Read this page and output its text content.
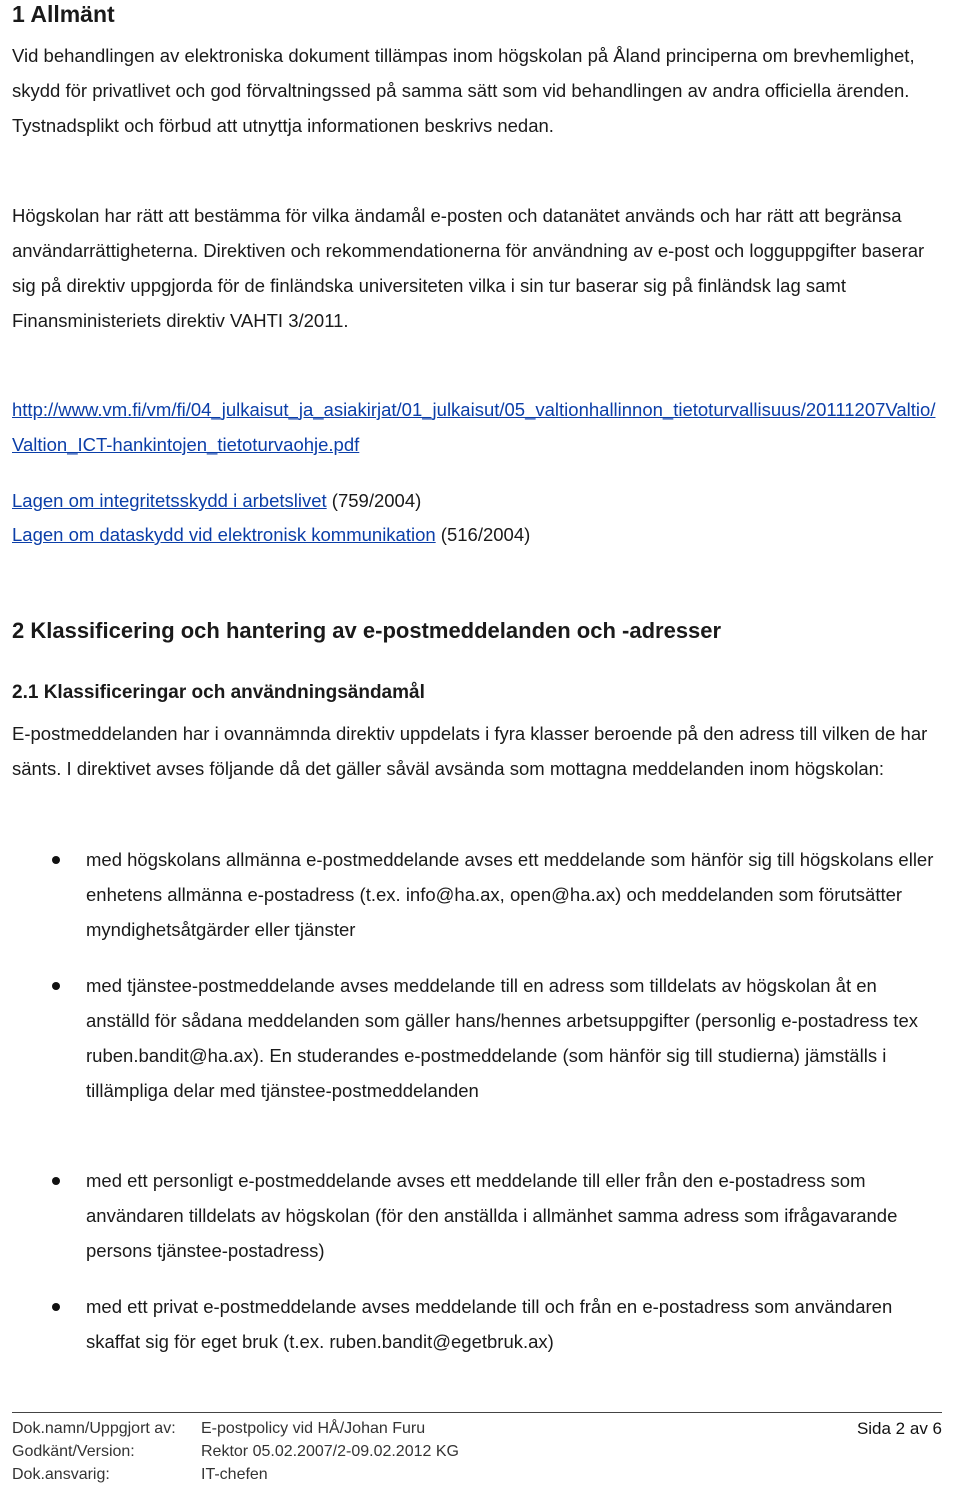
1 Allmänt

Vid behandlingen av elektroniska dokument tillämpas inom högskolan på Åland principerna om brevhemlighet, skydd för privatlivet och god förvaltningssed på samma sätt som vid behandlingen av andra officiella ärenden. Tystnadsplikt och förbud att utnyttja informationen beskrivs nedan.

Högskolan har rätt att bestämma för vilka ändamål e-posten och datanätet används och har rätt att begränsa användarrättigheterna. Direktiven och rekommendationerna för användning av e-post och logguppgifter baserar sig på direktiv uppgjorda för de finländska universiteten vilka i sin tur baserar sig på finländsk lag samt Finansministeriets direktiv VAHTI 3/2011.

http://www.vm.fi/vm/fi/04_julkaisut_ja_asiakirjat/01_julkaisut/05_valtionhallinnon_tietoturvallisuus/20111207Valtio/Valtion_ICT-hankintojen_tietoturvaohje.pdf

Lagen om integritetsskydd i arbetslivet (759/2004)

Lagen om dataskydd vid elektronisk kommunikation (516/2004)

2 Klassificering och hantering av e-postmeddelanden och -adresser
2.1 Klassificeringar och användningsändamål

E-postmeddelanden har i ovannämnda direktiv uppdelats i fyra klasser beroende på den adress till vilken de har sänts. I direktivet avses följande då det gäller såväl avsända som mottagna meddelanden inom högskolan:

med högskolans allmänna e-postmeddelande avses ett meddelande som hänför sig till högskolans eller enhetens allmänna e-postadress (t.ex. info@ha.ax, open@ha.ax) och meddelanden som förutsätter myndighetsåtgärder eller tjänster
med tjänstee-postmeddelande avses meddelande till en adress som tilldelats av högskolan åt en anställd för sådana meddelanden som gäller hans/hennes arbetsuppgifter (personlig e-postadress tex ruben.bandit@ha.ax). En studerandes e-postmeddelande (som hänför sig till studierna) jämställs i tillämpliga delar med tjänstee-postmeddelanden
med ett personligt e-postmeddelande avses ett meddelande till eller från den e-postadress som användaren tilldelats av högskolan (för den anställda i allmänhet samma adress som ifrågavarande persons tjänstee-postadress)
med ett privat e-postmeddelande avses meddelande till och från en e-postadress som användaren skaffat sig för eget bruk (t.ex. ruben.bandit@egetbruk.ax)
Dok.namn/Uppgjort av:	E-postpolicy vid HÅ/Johan Furu	Sida 2 av 6
Godkänt/Version:	Rektor 05.02.2007/2-09.02.2012 KG
Dok.ansvarig:	IT-chefen
